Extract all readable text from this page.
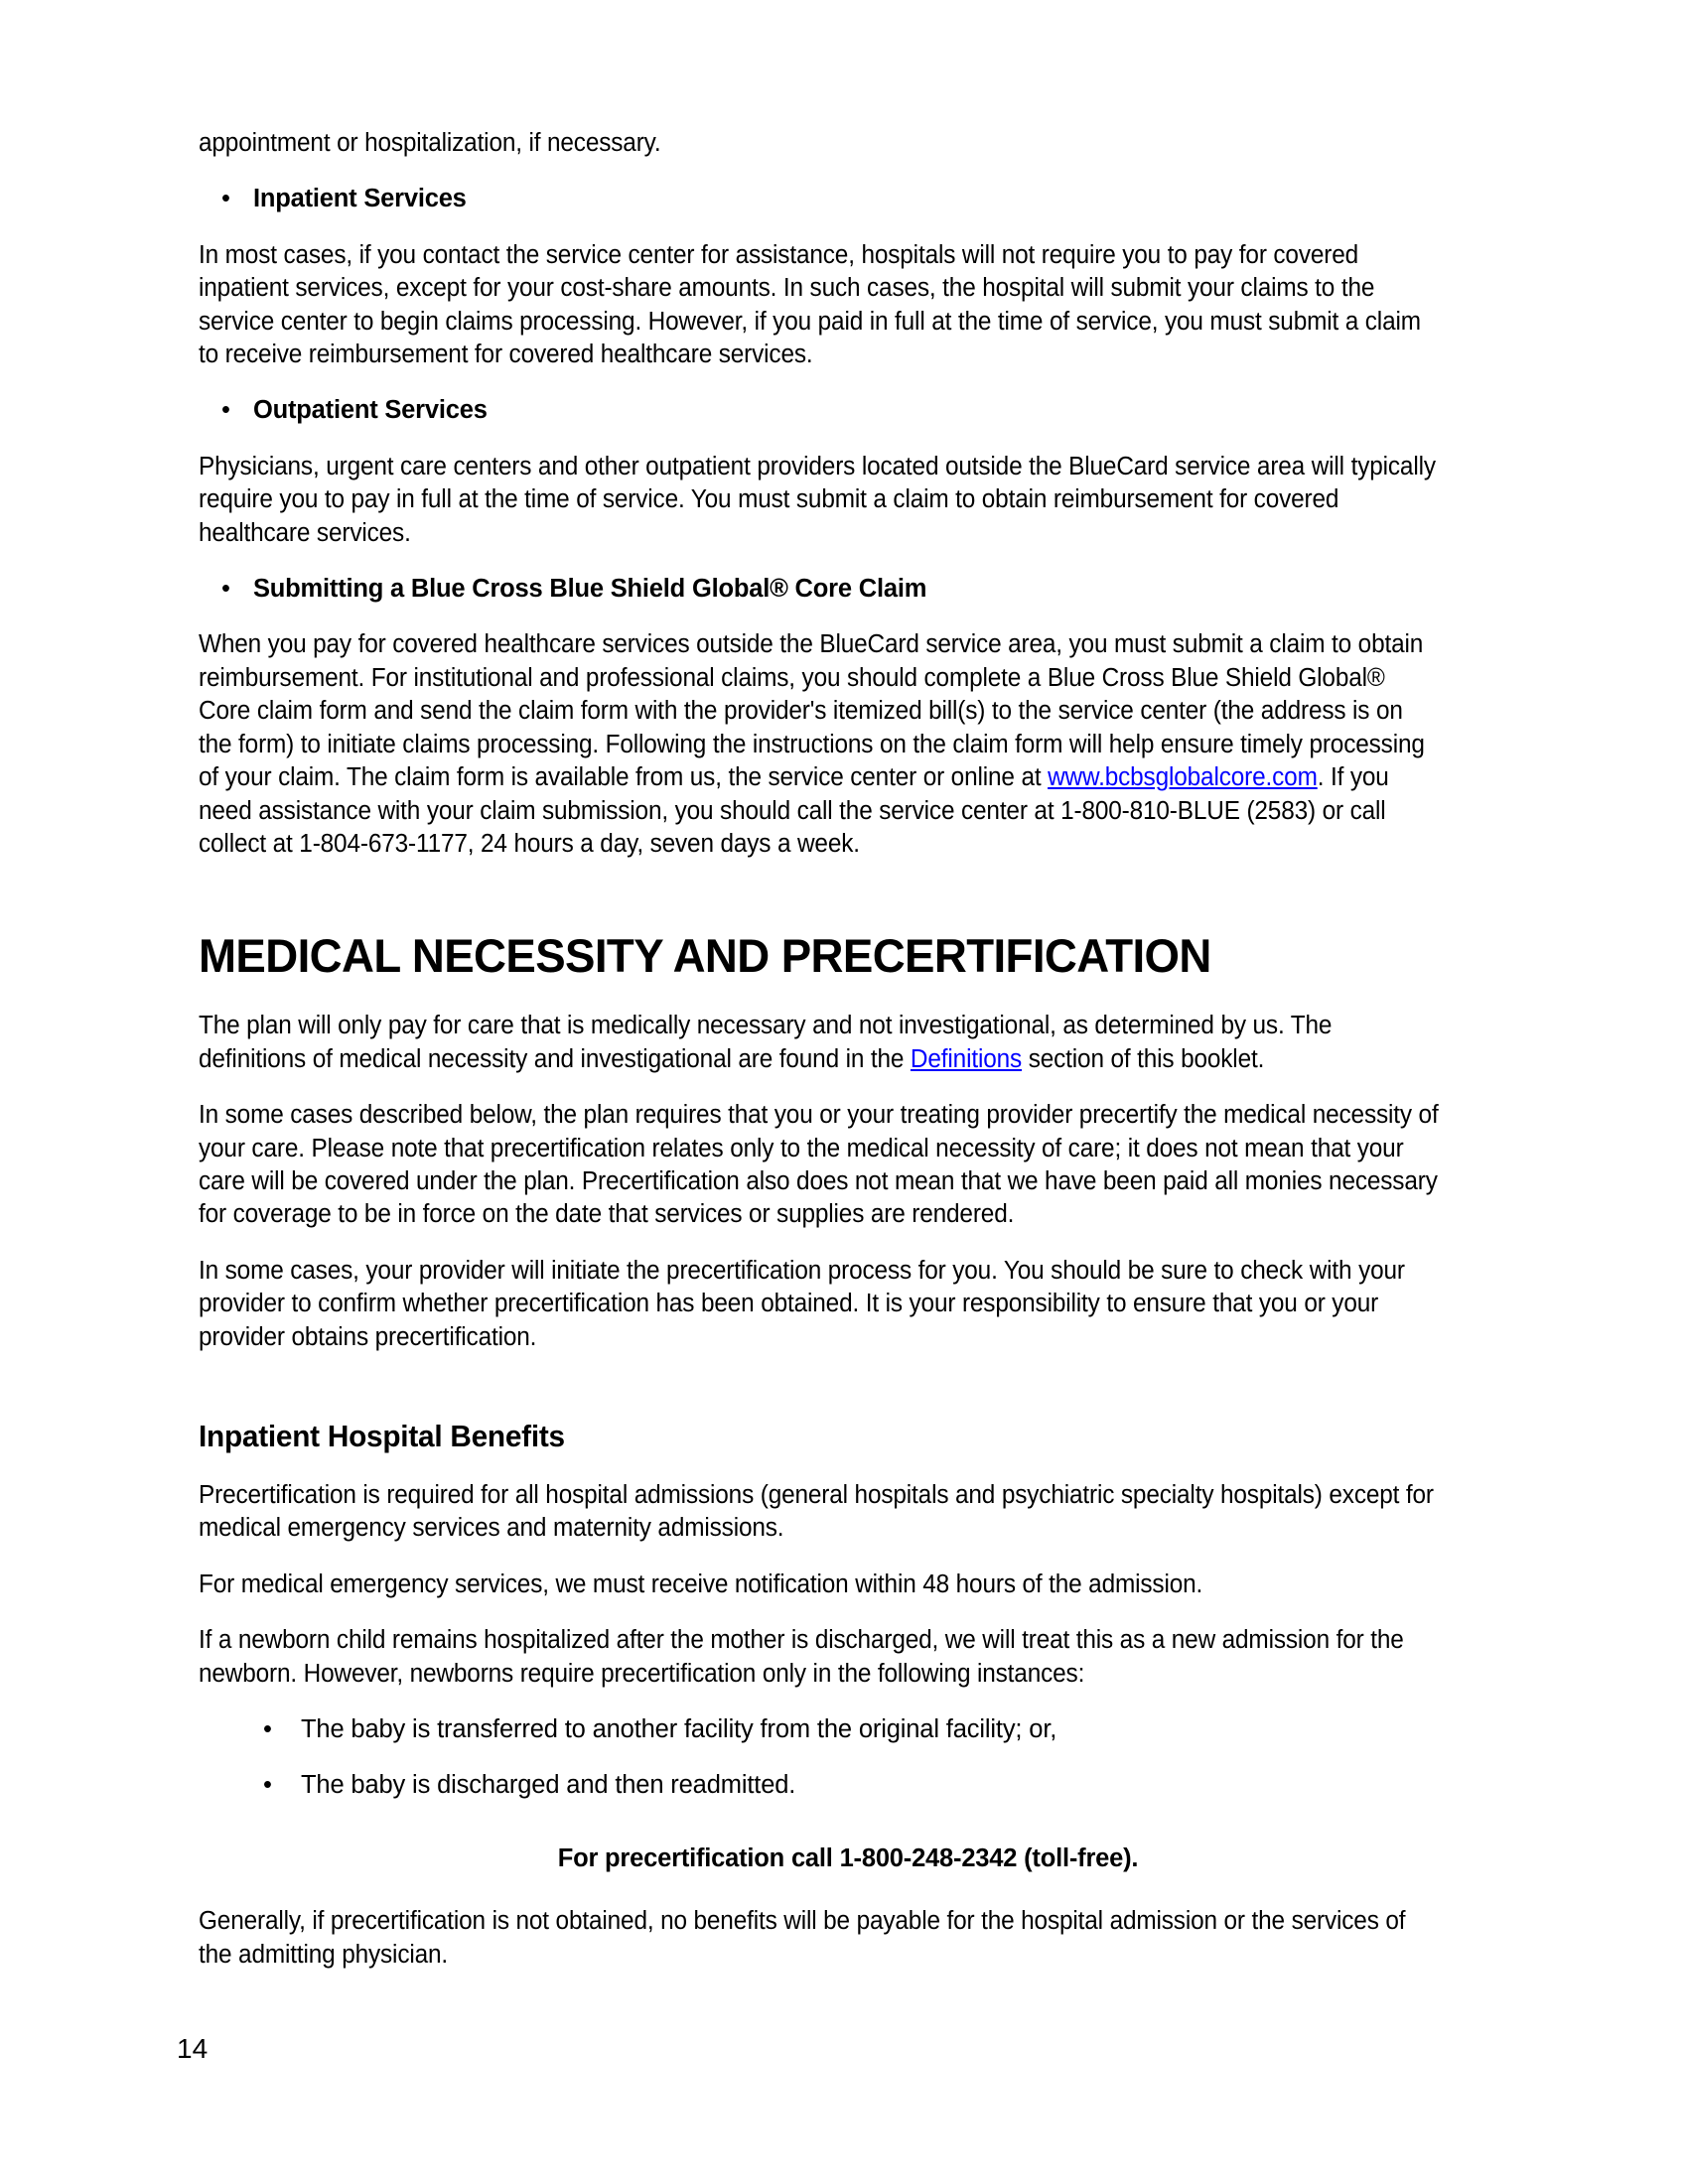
appointment or hospitalization, if necessary.

• Inpatient Services

In most cases, if you contact the service center for assistance, hospitals will not require you to pay for covered inpatient services, except for your cost-share amounts. In such cases, the hospital will submit your claims to the service center to begin claims processing. However, if you paid in full at the time of service, you must submit a claim to receive reimbursement for covered healthcare services.

• Outpatient Services

Physicians, urgent care centers and other outpatient providers located outside the BlueCard service area will typically require you to pay in full at the time of service. You must submit a claim to obtain reimbursement for covered healthcare services.

• Submitting a Blue Cross Blue Shield Global® Core Claim

When you pay for covered healthcare services outside the BlueCard service area, you must submit a claim to obtain reimbursement. For institutional and professional claims, you should complete a Blue Cross Blue Shield Global® Core claim form and send the claim form with the provider's itemized bill(s) to the service center (the address is on the form) to initiate claims processing. Following the instructions on the claim form will help ensure timely processing of your claim. The claim form is available from us, the service center or online at www.bcbsglobalcore.com. If you need assistance with your claim submission, you should call the service center at 1-800-810-BLUE (2583) or call collect at 1-804-673-1177, 24 hours a day, seven days a week.

MEDICAL NECESSITY AND PRECERTIFICATION

The plan will only pay for care that is medically necessary and not investigational, as determined by us. The definitions of medical necessity and investigational are found in the Definitions section of this booklet.

In some cases described below, the plan requires that you or your treating provider precertify the medical necessity of your care. Please note that precertification relates only to the medical necessity of care; it does not mean that your care will be covered under the plan. Precertification also does not mean that we have been paid all monies necessary for coverage to be in force on the date that services or supplies are rendered.

In some cases, your provider will initiate the precertification process for you. You should be sure to check with your provider to confirm whether precertification has been obtained. It is your responsibility to ensure that you or your provider obtains precertification.

Inpatient Hospital Benefits

Precertification is required for all hospital admissions (general hospitals and psychiatric specialty hospitals) except for medical emergency services and maternity admissions.

For medical emergency services, we must receive notification within 48 hours of the admission.

If a newborn child remains hospitalized after the mother is discharged, we will treat this as a new admission for the newborn. However, newborns require precertification only in the following instances:

•	The baby is transferred to another facility from the original facility; or,
•	The baby is discharged and then readmitted.

For precertification call 1-800-248-2342 (toll-free).

Generally, if precertification is not obtained, no benefits will be payable for the hospital admission or the services of the admitting physician.

14
